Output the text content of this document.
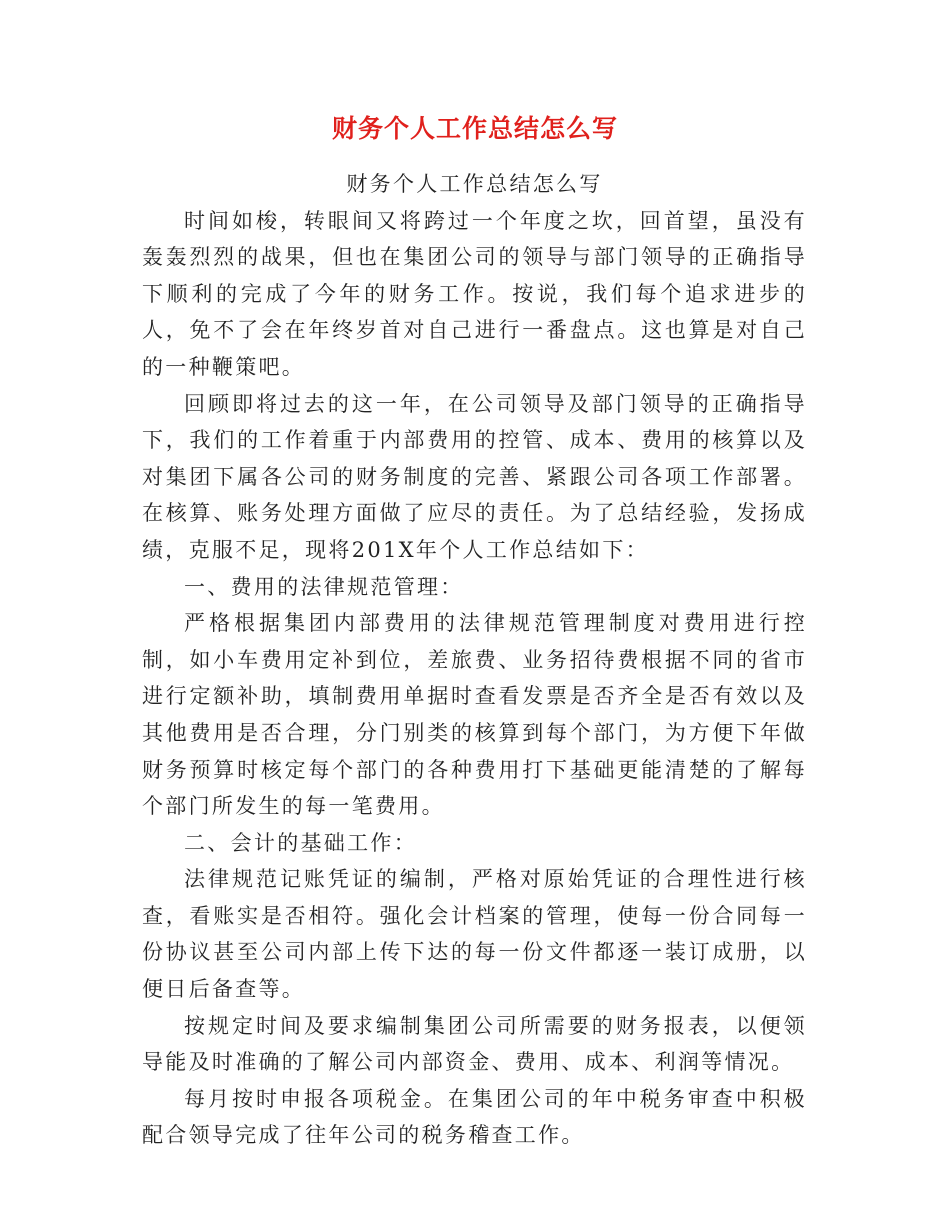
财务个人工作总结怎么写

财务个人工作总结怎么写

时间如梭，转眼间又将跨过一个年度之坎，回首望，虽没有轰轰烈烈的战果，但也在集团公司的领导与部门领导的正确指导下顺利的完成了今年的财务工作。按说，我们每个追求进步的人，免不了会在年终岁首对自己进行一番盘点。这也算是对自己的一种鞭策吧。

回顾即将过去的这一年，在公司领导及部门领导的正确指导下，我们的工作着重于内部费用的控管、成本、费用的核算以及对集团下属各公司的财务制度的完善、紧跟公司各项工作部署。在核算、账务处理方面做了应尽的责任。为了总结经验，发扬成绩，克服不足，现将201X年个人工作总结如下：

一、费用的法律规范管理：

严格根据集团内部费用的法律规范管理制度对费用进行控制，如小车费用定补到位，差旅费、业务招待费根据不同的省市进行定额补助，填制费用单据时查看发票是否齐全是否有效以及其他费用是否合理，分门别类的核算到每个部门，为方便下年做财务预算时核定每个部门的各种费用打下基础更能清楚的了解每个部门所发生的每一笔费用。

二、会计的基础工作：

法律规范记账凭证的编制，严格对原始凭证的合理性进行核查，看账实是否相符。强化会计档案的管理，使每一份合同每一份协议甚至公司内部上传下达的每一份文件都逐一装订成册，以便日后备查等。

按规定时间及要求编制集团公司所需要的财务报表，以便领导能及时准确的了解公司内部资金、费用、成本、利润等情况。

每月按时申报各项税金。在集团公司的年中税务审查中积极配合领导完成了往年公司的税务稽查工作。
